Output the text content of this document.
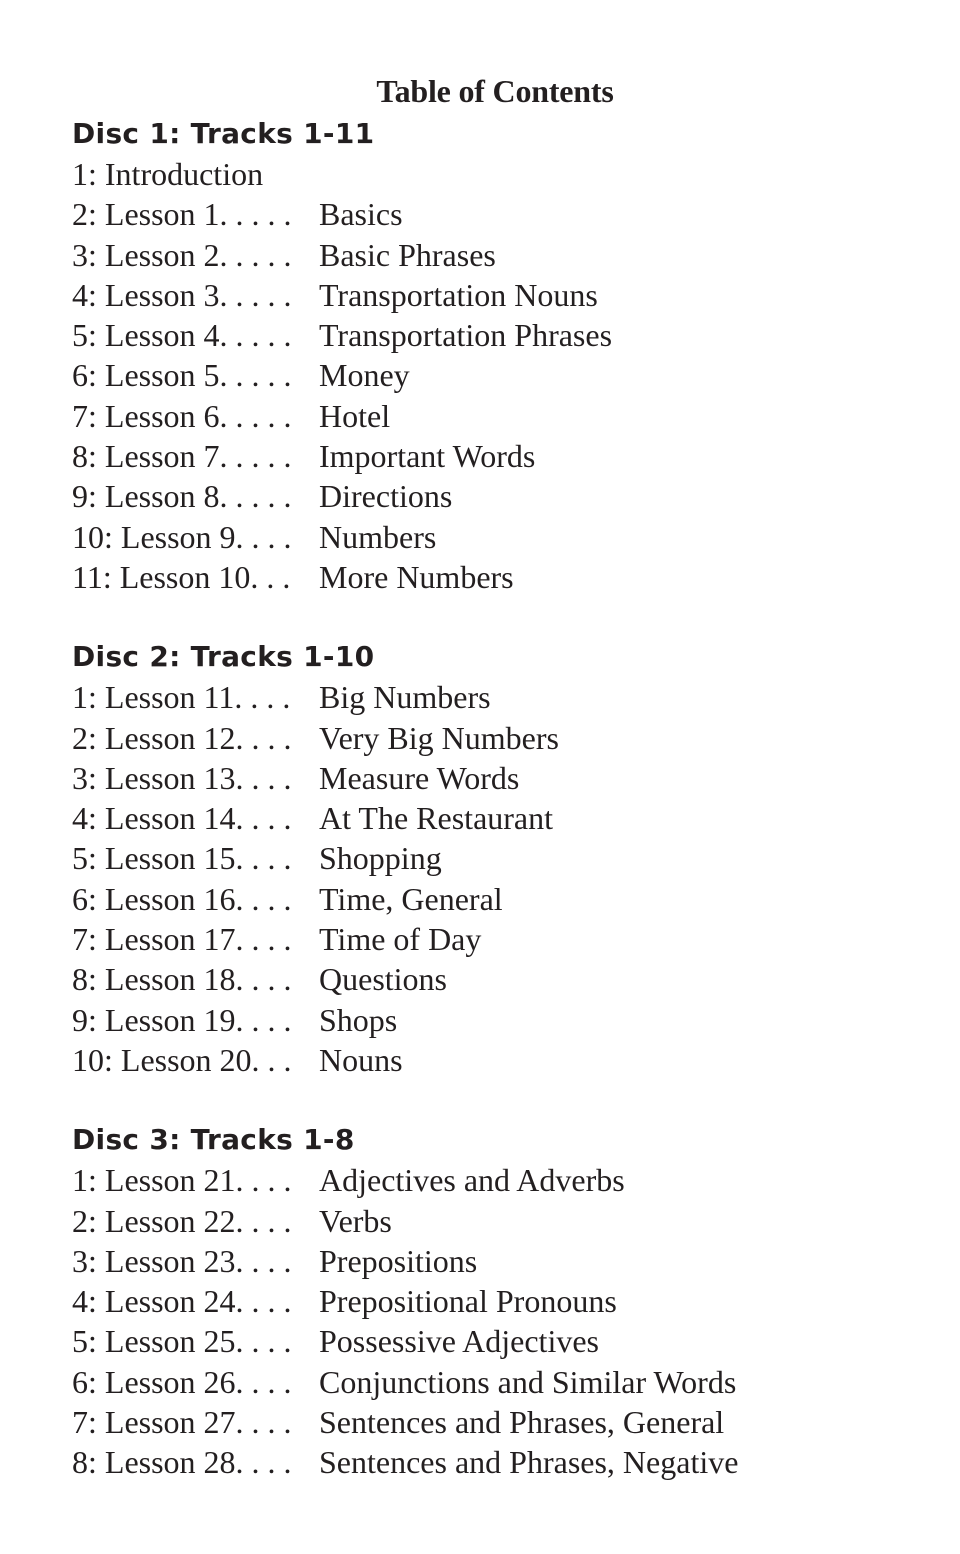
Table of Contents
Disc 1: Tracks 1-11
1: Introduction
2: Lesson 1. . . . . Basics
3: Lesson 2. . . . . Basic Phrases
4: Lesson 3. . . . . Transportation Nouns
5: Lesson 4. . . . . Transportation Phrases
6: Lesson 5. . . . . Money
7: Lesson 6. . . . . Hotel
8: Lesson 7. . . . . Important Words
9: Lesson 8. . . . . Directions
10: Lesson 9. . . . Numbers
11: Lesson 10. . . More Numbers
Disc 2: Tracks 1-10
1: Lesson 11. . . . Big Numbers
2: Lesson 12. . . . Very Big Numbers
3: Lesson 13. . . . Measure Words
4: Lesson 14. . . . At The Restaurant
5: Lesson 15. . . . Shopping
6: Lesson 16. . . . Time, General
7: Lesson 17. . . . Time of Day
8: Lesson 18. . . . Questions
9: Lesson 19. . . . Shops
10: Lesson 20. . . Nouns
Disc 3: Tracks 1-8
1: Lesson 21. . . . Adjectives and Adverbs
2: Lesson 22. . . . Verbs
3: Lesson 23. . . . Prepositions
4: Lesson 24. . . . Prepositional Pronouns
5: Lesson 25. . . . Possessive Adjectives
6: Lesson 26. . . . Conjunctions and Similar Words
7: Lesson 27. . . . Sentences and Phrases, General
8: Lesson 28. . . . Sentences and Phrases, Negative
